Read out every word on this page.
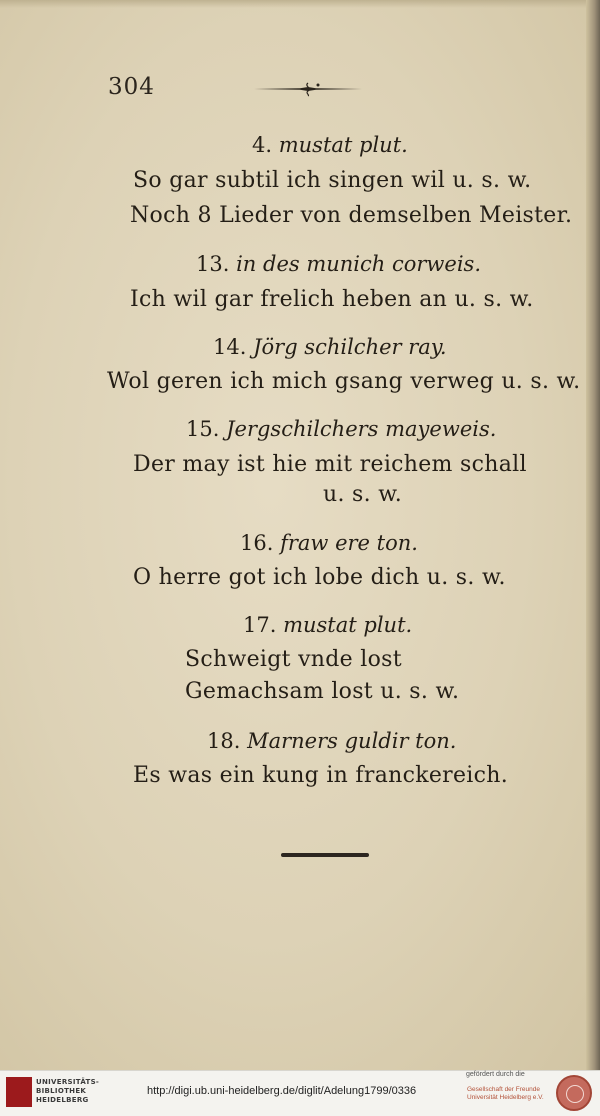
304
4. mustat plut.
So gar subtil ich singen wil u. s. w.
Noch 8 Lieder von demselben Meister.
13. in des munich corweis.
Ich wil gar frelich heben an u. s. w.
14. Jörg schilcher ray.
Wol geren ich mich gsang verweg u. s. w.
15. Jergschilchers mayeweis.
Der may ist hie mit reichem schall
u. s. w.
16. fraw ere ton.
O herre got ich lobe dich u. s. w.
17. mustat plut.
Schweigt vnde lost
Gemachsam lost u. s. w.
18. Marners guldir ton.
Es was ein kung in franckereich.
UNIVERSITÄTS-
BIBLIOTHEK
HEIDELBERG
http://digi.ub.uni-heidelberg.de/diglit/Adelung1799/0336
gefördert durch die
Gesellschaft der Freunde
Universität Heidelberg e.V.
